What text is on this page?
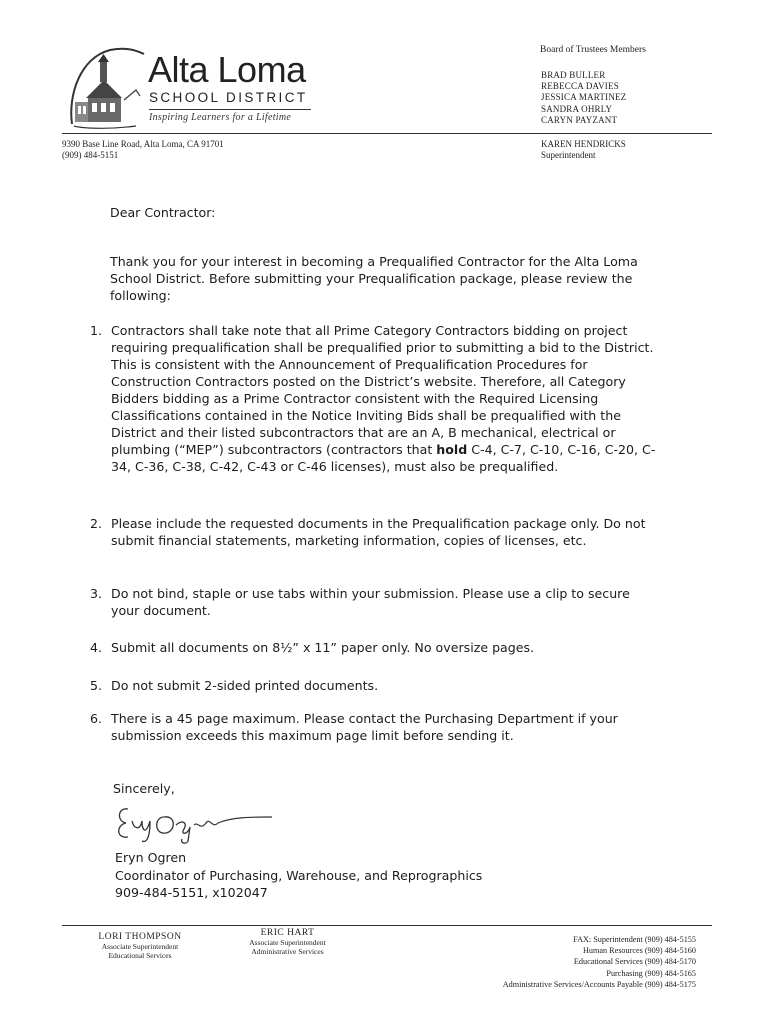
Alta Loma
SCHOOL DISTRICT
Inspiring Learners for a Lifetime
Board of Trustees Members
BRAD BULLER
REBECCA DAVIES
JESSICA MARTINEZ
SANDRA OHRLY
CARYN PAYZANT
9390 Base Line Road, Alta Loma, CA 91701
(909) 484-5151
KAREN HENDRICKS
Superintendent
Dear Contractor:
Thank you for your interest in becoming a Prequalified Contractor for the Alta Loma School District. Before submitting your Prequalification package, please review the following:
1. Contractors shall take note that all Prime Category Contractors bidding on project requiring prequalification shall be prequalified prior to submitting a bid to the District. This is consistent with the Announcement of Prequalification Procedures for Construction Contractors posted on the District’s website. Therefore, all Category Bidders bidding as a Prime Contractor consistent with the Required Licensing Classifications contained in the Notice Inviting Bids shall be prequalified with the District and their listed subcontractors that are an A, B mechanical, electrical or plumbing (“MEP”) subcontractors (contractors that hold C-4, C-7, C-10, C-16, C-20, C-34, C-36, C-38, C-42, C-43 or C-46 licenses), must also be prequalified.
2. Please include the requested documents in the Prequalification package only. Do not submit financial statements, marketing information, copies of licenses, etc.
3. Do not bind, staple or use tabs within your submission. Please use a clip to secure your document.
4. Submit all documents on 8½” x 11” paper only. No oversize pages.
5. Do not submit 2-sided printed documents.
6. There is a 45 page maximum. Please contact the Purchasing Department if your submission exceeds this maximum page limit before sending it.
Sincerely,
Eryn Ogren
Coordinator of Purchasing, Warehouse, and Reprographics
909-484-5151, x102047
LORI THOMPSON
Associate Superintendent
Educational Services
ERIC HART
Associate Superintendent
Administrative Services
FAX: Superintendent (909) 484-5155
Human Resources (909) 484-5160
Educational Services (909) 484-5170
Purchasing (909) 484-5165
Administrative Services/Accounts Payable (909) 484-5175
